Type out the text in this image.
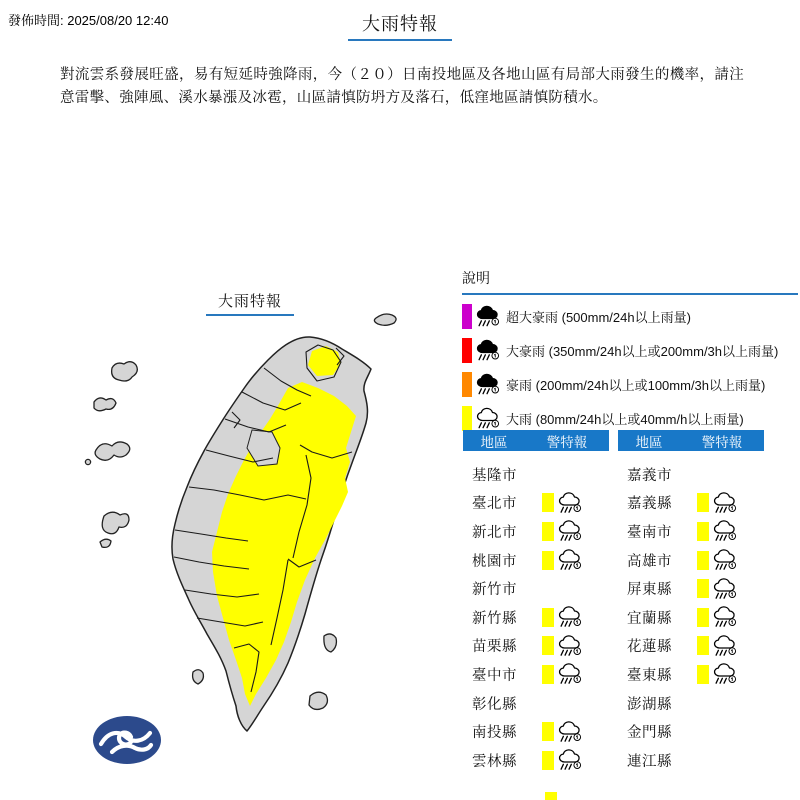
發佈時間: 2025/08/20 12:40	大雨特報

對流雲系發展旺盛，易有短延時強降雨，今（２０）日南投地區及各地山區有局部大雨發生的機率，請注意雷擊、強陣風、溪水暴漲及冰雹，山區請慎防坍方及落石，低窪地區請慎防積水。

大雨特報
說明
超大豪雨 (500mm/24h以上雨量)
大豪雨 (350mm/24h以上或200mm/3h以上雨量)
豪雨 (200mm/24h以上或100mm/3h以上雨量)
大雨 (80mm/24h以上或40mm/h以上雨量)
地區	警特報
基隆市
臺北市
新北市
桃園市
新竹市
新竹縣
苗栗縣
臺中市
彰化縣
南投縣
雲林縣
地區	警特報
嘉義市
嘉義縣
臺南市
高雄市
屏東縣
宜蘭縣
花蓮縣
臺東縣
澎湖縣
金門縣
連江縣
